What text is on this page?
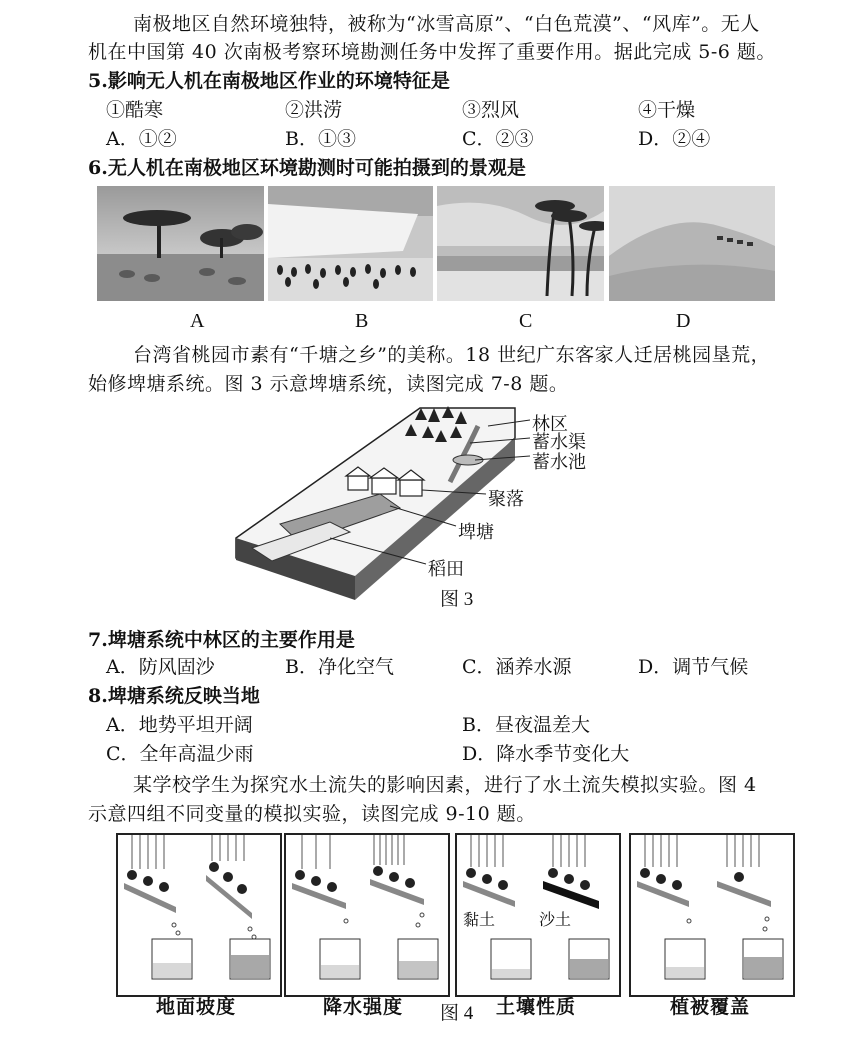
南极地区自然环境独特，被称为“冰雪高原”、“白色荒漠”、“风库”。无人
机在中国第 40 次南极考察环境勘测任务中发挥了重要作用。据此完成 5-6 题。
5.影响无人机在南极地区作业的环境特征是
①酷寒	②洪涝	③烈风	④干燥
A．①②	B．①③	C．②③	D．②④
6.无人机在南极地区环境勘测时可能拍摄到的景观是
A	B	C	D
台湾省桃园市素有“千塘之乡”的美称。18 世纪广东客家人迁居桃园垦荒，
始修埤塘系统。图 3 示意埤塘系统，读图完成 7-8 题。
林区
蓄水渠
蓄水池
聚落
埤塘
稻田
图 3
7.埤塘系统中林区的主要作用是
A．防风固沙	B．净化空气	C．涵养水源	D．调节气候
8.埤塘系统反映当地
A．地势平坦开阔	B．昼夜温差大
C．全年高温少雨	D．降水季节变化大
某学校学生为探究水土流失的影响因素，进行了水土流失模拟实验。图 4
示意四组不同变量的模拟实验，读图完成 9-10 题。
黏土	沙土
地面坡度	降水强度	土壤性质	植被覆盖
图 4
